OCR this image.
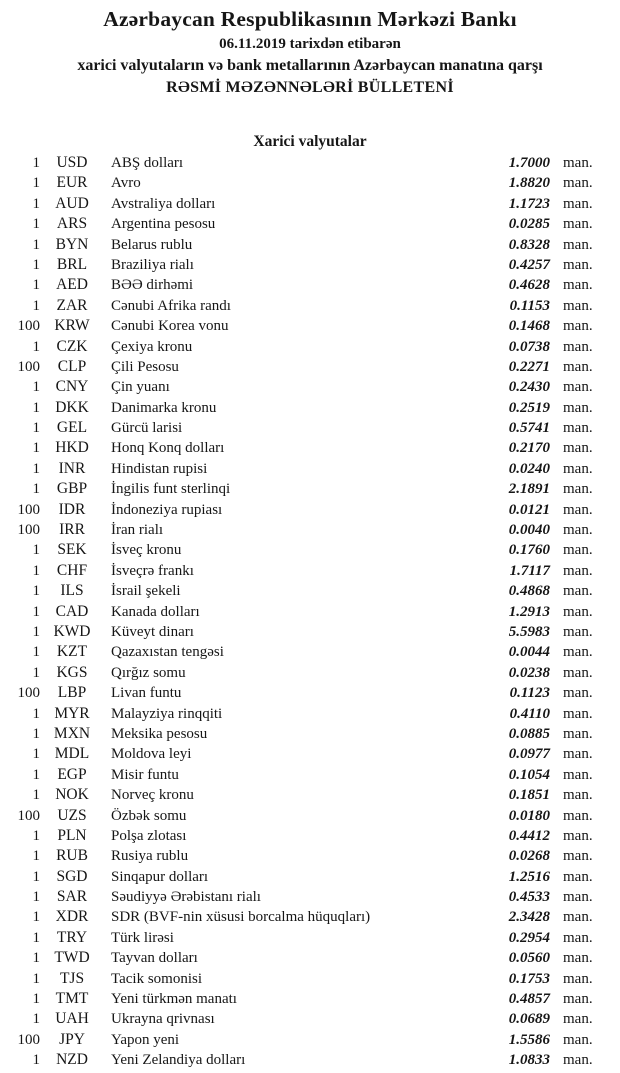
Azərbaycan Respublikasının Mərkəzi Bankı
06.11.2019 tarixdən etibarən
xarici valyutaların və bank metallarının Azərbaycan manatına qarşı
RƏSMİ MƏZƏNNƏLƏRİ BÜLLETENİ
Xarici valyutalar
1	USD	ABŞ dolları	1.7000 man.
1	EUR	Avro	1.8820 man.
1 AUD	Avstraliya dolları	1.1723 man.
1	ARS	Argentina pesosu	0.0285 man.
1	BYN	Belarus rublu	0.8328 man.
1	BRL	Braziliya rialı	0.4257 man.
1	AED	BƏƏ dirhəmi	0.4628 man.
1	ZAR	Cənubi Afrika randı	0.1153 man.
100 KRW	Cənubi Korea vonu	0.1468 man.
1	CZK	Çexiya kronu	0.0738 man.
100	CLP	Çili Pesosu	0.2271 man.
1	CNY	Çin yuanı	0.2430 man.
1 DKK	Danimarka kronu	0.2519 man.
1	GEL	Gürcü larisi	0.5741 man.
1 HKD	Honq Konq dolları	0.2170 man.
1	INR	Hindistan rupisi	0.0240 man.
1	GBP	İngilis funt sterlinqi	2.1891 man.
100	IDR	İndoneziya rupiası	0.0121 man.
100	IRR	İran rialı	0.0040 man.
1	SEK	İsveç kronu	0.1760 man.
1	CHF	İsveçrə frankı	1.7117 man.
1	ILS	İsrail şekeli	0.4868 man.
1	CAD	Kanada dolları	1.2913 man.
1 KWD	Küveyt dinarı	5.5983 man.
1	KZT	Qazaxıstan tengəsi	0.0044 man.
1	KGS	Qırğız somu	0.0238 man.
100	LBP	Livan funtu	0.1123 man.
1 MYR	Malayziya rinqqiti	0.4110 man.
1 MXN	Meksika pesosu	0.0885 man.
1 MDL	Moldova leyi	0.0977 man.
1	EGP	Misir funtu	0.1054 man.
1 NOK	Norveç kronu	0.1851 man.
100	UZS	Özbək somu	0.0180 man.
1	PLN	Polşa zlotası	0.4412 man.
1	RUB	Rusiya rublu	0.0268 man.
1	SGD	Sinqapur dolları	1.2516 man.
1	SAR	Səudiyyə Ərəbistanı rialı	0.4533 man.
1	XDR	SDR (BVF-nin xüsusi borcalma hüquqları)	2.3428 man.
1	TRY	Türk lirəsi	0.2954 man.
1 TWD	Tayvan dolları	0.0560 man.
1	TJS	Tacik somonisi	0.1753 man.
1	TMT	Yeni türkmən manatı	0.4857 man.
1 UAH	Ukrayna qrivnası	0.0689 man.
100	JPY	Yapon yeni	1.5586 man.
1	NZD	Yeni Zelandiya dolları	1.0833 man.
